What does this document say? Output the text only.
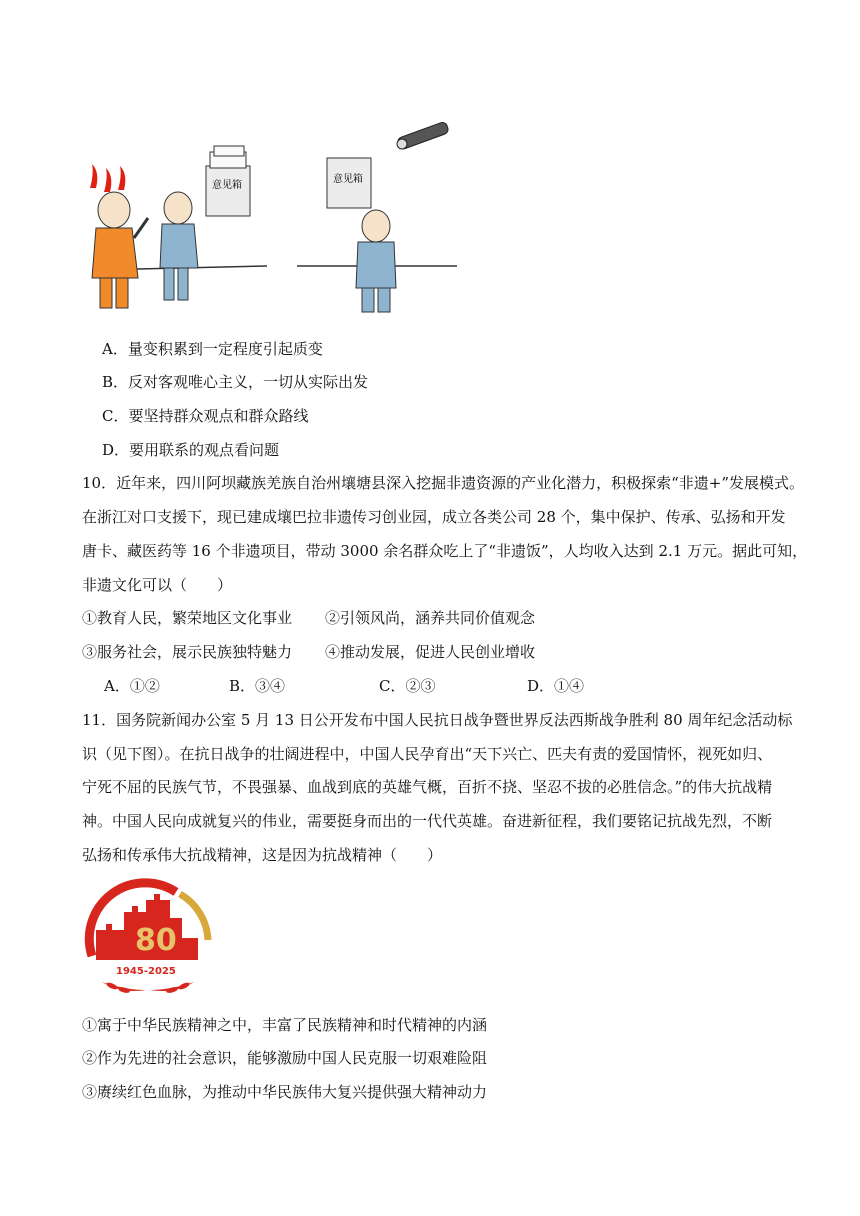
意见箱
意见箱
A．量变积累到一定程度引起质变
B．反对客观唯心主义，一切从实际出发
C．要坚持群众观点和群众路线
D．要用联系的观点看问题
10．近年来，四川阿坝藏族羌族自治州壤塘县深入挖掘非遗资源的产业化潜力，积极探索“非遗+”发展模式。
在浙江对口支援下，现已建成壤巴拉非遗传习创业园，成立各类公司 28 个，集中保护、传承、弘扬和开发
唐卡、藏医药等 16 个非遗项目，带动 3000 余名群众吃上了“非遗饭”，人均收入达到 2.1 万元。据此可知，
非遗文化可以（　　）
①教育人民，繁荣地区文化事业 ②引领风尚，涵养共同价值观念
③服务社会，展示民族独特魅力 ④推动发展，促进人民创业增收
A．①②	B．③④	C．②③	D．①④
11．国务院新闻办公室 5 月 13 日公开发布中国人民抗日战争暨世界反法西斯战争胜利 80 周年纪念活动标
识（见下图）。在抗日战争的壮阔进程中，中国人民孕育出“天下兴亡、匹夫有责的爱国情怀，视死如归、
宁死不屈的民族气节，不畏强暴、血战到底的英雄气概，百折不挠、坚忍不拔的必胜信念。”的伟大抗战精
神。中国人民向成就复兴的伟业，需要挺身而出的一代代英雄。奋进新征程，我们要铭记抗战先烈，不断
弘扬和传承伟大抗战精神，这是因为抗战精神（　　）
80
1945-2025
①寓于中华民族精神之中，丰富了民族精神和时代精神的内涵
②作为先进的社会意识，能够激励中国人民克服一切艰难险阻
③赓续红色血脉，为推动中华民族伟大复兴提供强大精神动力
